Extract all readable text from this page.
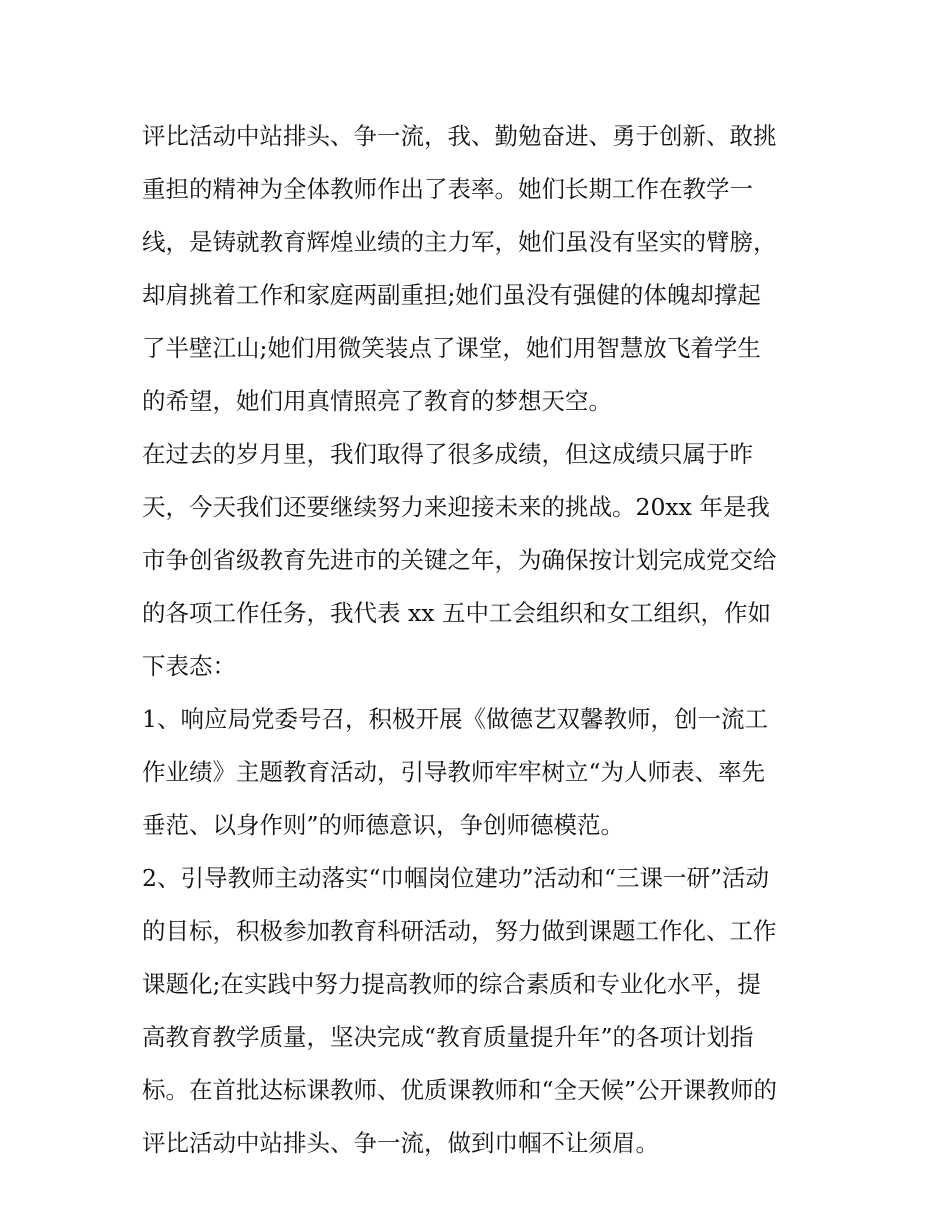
评比活动中站排头、争一流，我、勤勉奋进、勇于创新、敢挑
重担的精神为全体教师作出了表率。她们长期工作在教学一
线，是铸就教育辉煌业绩的主力军，她们虽没有坚实的臂膀，
却肩挑着工作和家庭两副重担;她们虽没有强健的体魄却撑起
了半壁江山;她们用微笑装点了课堂，她们用智慧放飞着学生
的希望，她们用真情照亮了教育的梦想天空。
在过去的岁月里，我们取得了很多成绩，但这成绩只属于昨
天，今天我们还要继续努力来迎接未来的挑战。20xx 年是我
市争创省级教育先进市的关键之年，为确保按计划完成党交给
的各项工作任务，我代表 xx 五中工会组织和女工组织，作如
下表态：
1、响应局党委号召，积极开展《做德艺双馨教师，创一流工
作业绩》主题教育活动，引导教师牢牢树立“为人师表、率先
垂范、以身作则”的师德意识，争创师德模范。
2、引导教师主动落实“巾帼岗位建功”活动和“三课一研”活动
的目标，积极参加教育科研活动，努力做到课题工作化、工作
课题化;在实践中努力提高教师的综合素质和专业化水平，提
高教育教学质量，坚决完成“教育质量提升年”的各项计划指
标。在首批达标课教师、优质课教师和“全天候”公开课教师的
评比活动中站排头、争一流，做到巾帼不让须眉。
